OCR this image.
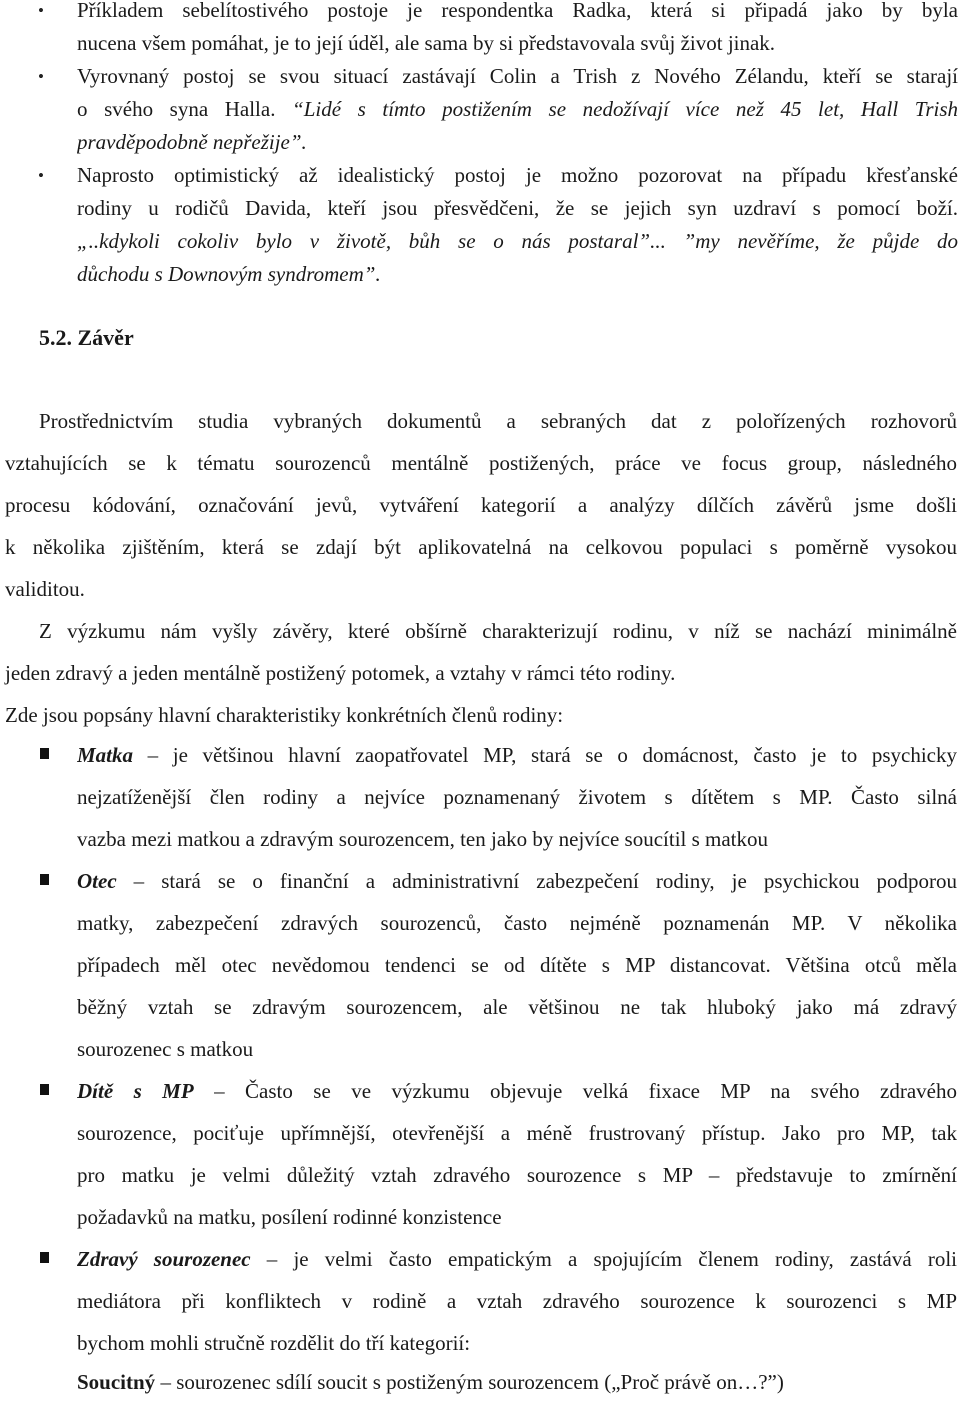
• Příkladem sebelítostivého postoje je respondentka Radka, která si připadá jako by byla
nucena všem pomáhat, je to její úděl, ale sama by si představovala svůj život jinak.
• Vyrovnaný postoj se svou situací zastávají Colin a Trish z Nového Zélandu, kteří se starají
o svého syna Halla. “Lidé s tímto postižením se nedožívají více než 45 let, Hall Trish
pravděpodobně nepřežije”.
• Naprosto optimistický až idealistický postoj je možno pozorovat na případu křesťanské
rodiny u rodičů Davida, kteří jsou přesvědčeni, že se jejich syn uzdraví s pomocí boží.
„..kdykoli cokoliv bylo v životě, bůh se o nás postaral”... ”my nevěříme, že půjde do
důchodu s Downovým syndromem”.
5.2. Závěr
Prostřednictvím studia vybraných dokumentů a sebraných dat z polořízených rozhovorů
vztahujících se k tématu sourozenců mentálně postižených, práce ve focus group, následného
procesu kódování, označování jevů, vytváření kategorií a analýzy dílčích závěrů jsme došli
k několika zjištěním, která se zdají být aplikovatelná na celkovou populaci s poměrně vysokou
validitou.
Z výzkumu nám vyšly závěry, které obšírně charakterizují rodinu, v níž se nachází minimálně
jeden zdravý a jeden mentálně postižený potomek, a vztahy v rámci této rodiny.
Zde jsou popsány hlavní charakteristiky konkrétních členů rodiny:
Matka – je většinou hlavní zaopatřovatel MP, stará se o domácnost, často je to psychicky
nejzatíženější člen rodiny a nejvíce poznamenaný životem s dítětem s MP. Často silná
vazba mezi matkou a zdravým sourozencem, ten jako by nejvíce soucítil s matkou
Otec – stará se o finanční a administrativní zabezpečení rodiny, je psychickou podporou
matky, zabezpečení zdravých sourozenců, často nejméně poznamenán MP. V několika
případech měl otec nevědomou tendenci se od dítěte s MP distancovat. Většina otců měla
běžný vztah se zdravým sourozencem, ale většinou ne tak hluboký jako má zdravý
sourozenec s matkou
Dítě s MP – Často se ve výzkumu objevuje velká fixace MP na svého zdravého
sourozence, pociťuje upřímnější, otevřenější a méně frustrovaný přístup. Jako pro MP, tak
pro matku je velmi důležitý vztah zdravého sourozence s MP – představuje to zmírnění
požadavků na matku, posílení rodinné konzistence
Zdravý sourozenec – je velmi často empatickým a spojujícím členem rodiny, zastává roli
mediátora při konfliktech v rodině a vztah zdravého sourozence k sourozenci s MP
bychom mohli stručně rozdělit do tří kategorií:
Soucitný – sourozenec sdílí soucit s postiženým sourozencem („Proč právě on…?”)
